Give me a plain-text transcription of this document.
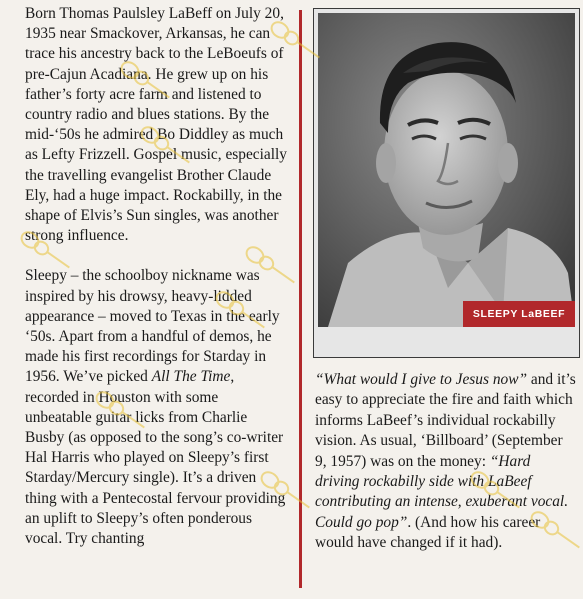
Born Thomas Paulsley LaBeff on July 20, 1935 near Smackover, Arkansas, he can trace his ancestry back to the LeBoeufs of pre-Cajun Acadiana. He grew up on his father’s forty acre farm and listened to country radio and blues stations. By the mid-‘50s he admired Bo Diddley as much as Lefty Frizzell. Gospel music, especially the travelling evangelist Brother Claude Ely, had a huge impact. Rockabilly, in the shape of Elvis’s Sun singles, was another strong influence.

Sleepy – the schoolboy nickname was inspired by his drowsy, heavy-lidded appearance – moved to Texas in the early ‘50s. Apart from a handful of demos, he made his first recordings for Starday in 1956. We’ve picked All The Time, recorded in Houston with some unbeatable guitar licks from Charlie Busby (as opposed to the song’s co-writer Hal Harris who played on Sleepy’s first Starday/Mercury single). It’s a driven thing with a Pentecostal fervour providing an uplift to Sleepy’s often ponderous vocal. Try chanting

SLEEPY LaBEEF

“What would I give to Jesus now” and it’s easy to appreciate the fire and faith which informs LaBeef’s individual rockabilly vision. As usual, ‘Billboard’ (September 9, 1957) was on the money: “Hard driving rockabilly side with LaBeef contributing an intense, exuberant vocal. Could go pop”. (And how his career would have changed if it had).
